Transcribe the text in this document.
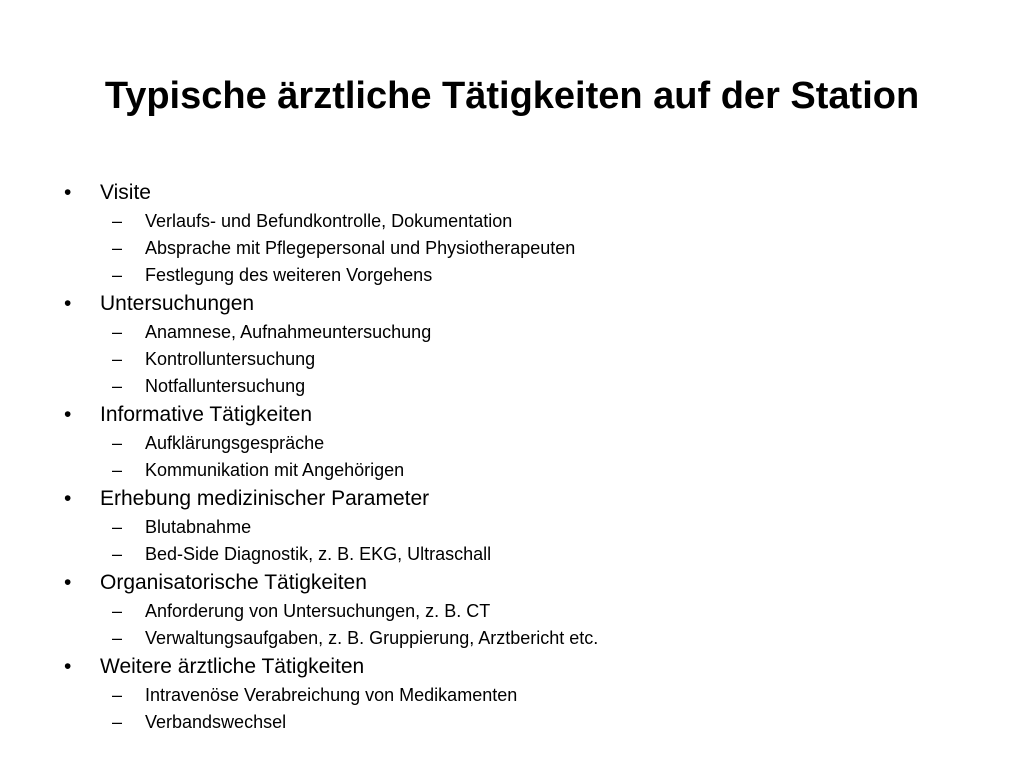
Typische ärztliche Tätigkeiten auf der Station
•	Visite
–	Verlaufs- und Befundkontrolle, Dokumentation
–	Absprache mit Pflegepersonal und Physiotherapeuten
–	Festlegung des weiteren Vorgehens
•	Untersuchungen
–	Anamnese, Aufnahmeuntersuchung
–	Kontrolluntersuchung
–	Notfalluntersuchung
•	Informative Tätigkeiten
–	Aufklärungsgespräche
–	Kommunikation mit Angehörigen
•	Erhebung medizinischer Parameter
–	Blutabnahme
–	Bed-Side Diagnostik, z. B. EKG, Ultraschall
•	Organisatorische Tätigkeiten
–	Anforderung von Untersuchungen, z. B. CT
–	Verwaltungsaufgaben, z. B. Gruppierung, Arztbericht etc.
•	Weitere ärztliche Tätigkeiten
–	Intravenöse Verabreichung von Medikamenten
–	Verbandswechsel
